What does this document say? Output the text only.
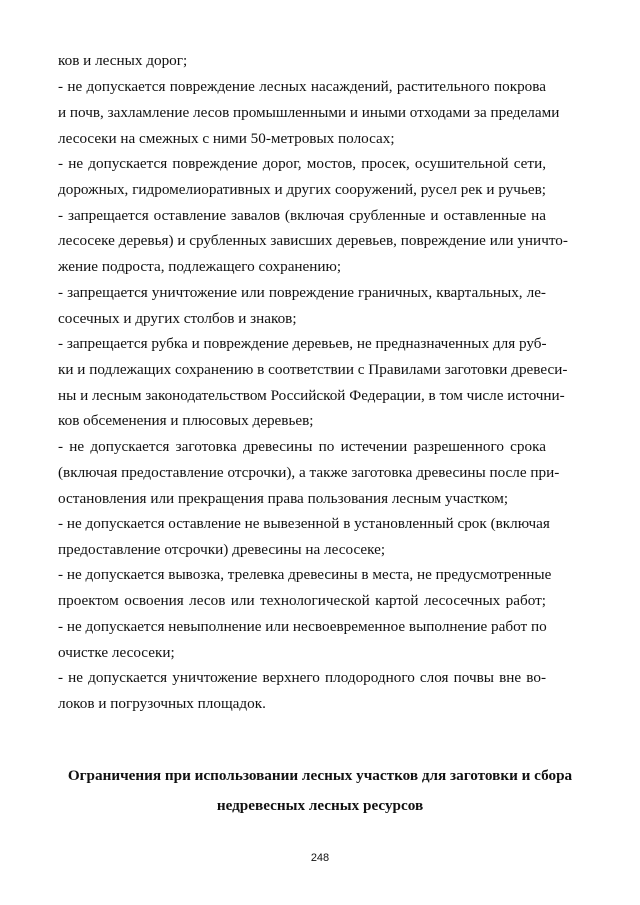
ков и лесных дорог;
- не допускается повреждение лесных насаждений, растительного покрова
и почв, захламление лесов промышленными и иными отходами за пределами
лесосеки на смежных с ними 50-метровых полосах;
- не допускается повреждение дорог, мостов, просек, осушительной сети,
дорожных, гидромелиоративных и других сооружений, русел рек и ручьев;
- запрещается оставление завалов (включая срубленные и оставленные на
лесосеке деревья) и срубленных зависших деревьев, повреждение или уничто-
жение подроста, подлежащего сохранению;
- запрещается уничтожение или повреждение граничных, квартальных, ле-
сосечных и других столбов и знаков;
- запрещается рубка и повреждение деревьев, не предназначенных для руб-
ки и подлежащих сохранению в соответствии с Правилами заготовки древеси-
ны и лесным законодательством Российской Федерации, в том числе источни-
ков обсеменения и плюсовых деревьев;
- не допускается заготовка древесины по истечении разрешенного срока
(включая предоставление отсрочки), а также заготовка древесины после при-
остановления или прекращения права пользования лесным участком;
- не допускается оставление не вывезенной в установленный срок (включая
предоставление отсрочки) древесины на лесосеке;
- не допускается вывозка, трелевка древесины в места, не предусмотренные
проектом освоения лесов или технологической картой лесосечных работ;
- не допускается невыполнение или несвоевременное выполнение работ по
очистке лесосеки;
- не допускается уничтожение верхнего плодородного слоя почвы вне во-
локов и погрузочных площадок.
Ограничения при использовании лесных участков для заготовки и сбора
недревесных лесных ресурсов
248
